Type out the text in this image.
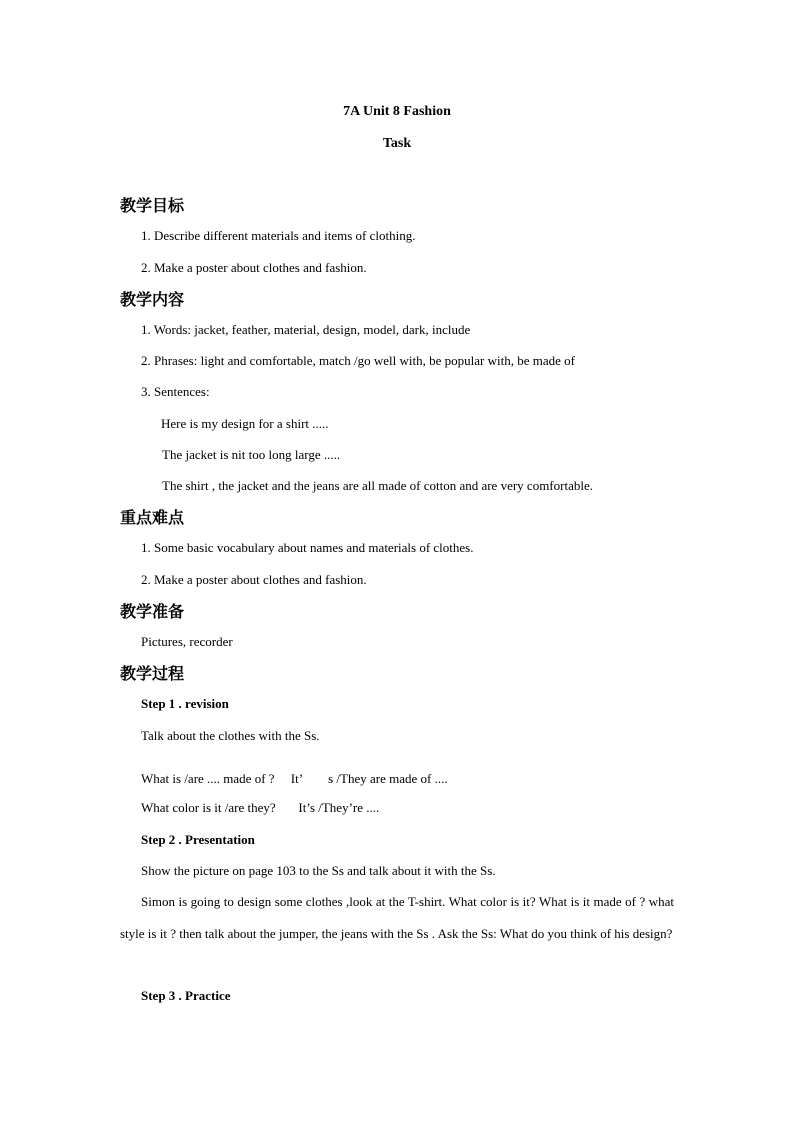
7A Unit 8 Fashion
Task
教学目标
1. Describe different materials and items of clothing.
2. Make a poster about clothes and fashion.
教学内容
1. Words: jacket, feather, material, design, model, dark, include
2. Phrases: light and comfortable, match /go well with, be popular with, be made of
3. Sentences:
Here is my design for a shirt .....
The jacket is nit too long large .....
The shirt , the jacket and the jeans are all made of cotton and are very comfortable.
重点难点
1. Some basic vocabulary about names and materials of clothes.
2. Make a poster about clothes and fashion.
教学准备
Pictures, recorder
教学过程
Step 1 . revision
Talk about the clothes with the Ss.
What is /are .... made of ?     It’        s /They are made of ....
What color is it /are they?       It’s /They’re ....
Step 2 . Presentation
Show the picture on page 103 to the Ss and talk about it with the Ss.
Simon is going to design some clothes ,look at the T-shirt. What color is it? What is it made of ? what style is it ? then talk about the jumper, the jeans with the Ss . Ask the Ss: What do you think of his design?
Step 3 . Practice
